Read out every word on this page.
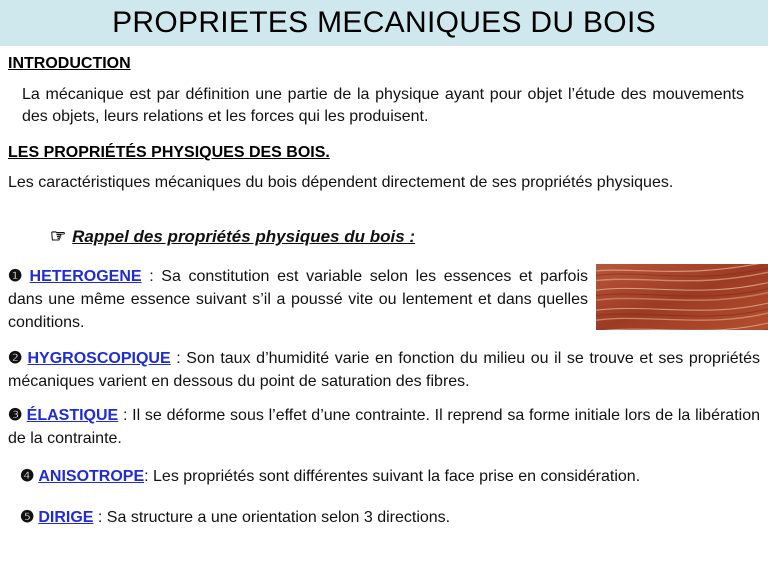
PROPRIETES MECANIQUES DU BOIS
INTRODUCTION
La mécanique est par définition une partie de la physique ayant pour objet l’étude des mouvements des objets, leurs relations et les forces qui les produisent.
LES PROPRIÉTÉS PHYSIQUES DES BOIS.
Les caractéristiques mécaniques du bois dépendent directement de ses propriétés physiques.
☞ Rappel des propriétés physiques du bois :
❶ HETEROGENE : Sa constitution est variable selon les essences et parfois dans une même essence suivant s’il a poussé vite ou lentement et dans quelles conditions.
❷ HYGROSCOPIQUE : Son taux d’humidité varie en fonction du milieu ou il se trouve et ses propriétés mécaniques varient en dessous du point de saturation des fibres.
❸ ÉLASTIQUE : Il se déforme sous l’effet d’une contrainte. Il reprend sa forme initiale lors de la libération de la contrainte.
❹ ANISOTROPE: Les propriétés sont différentes suivant la face prise en considération.
❺ DIRIGE : Sa structure a une orientation selon 3 directions.
